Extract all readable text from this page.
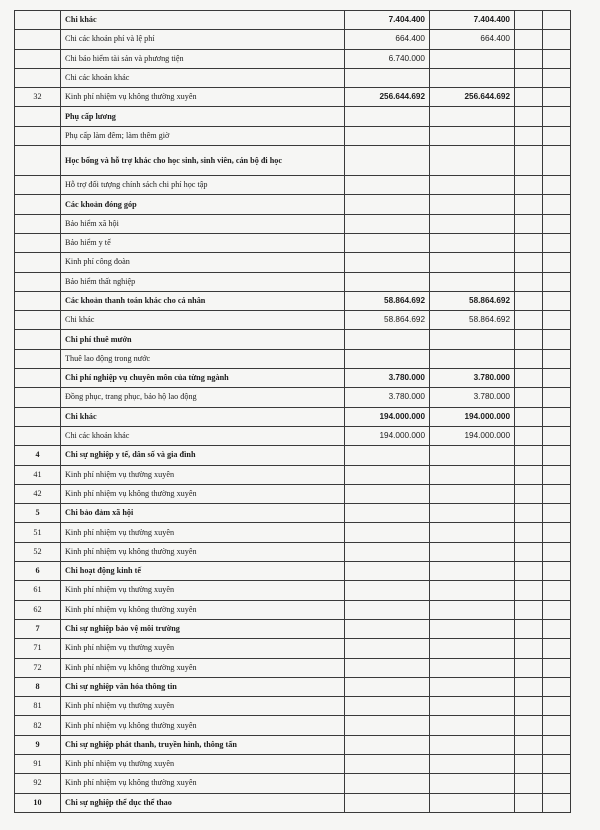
	Chi khác	7.404.400	7.404.400		
	Chi các khoản phí và lệ phí	664.400	664.400		
	Chi bảo hiểm tài sản và phương tiện	6.740.000			
	Chi các khoản khác				
32	Kinh phí nhiệm vụ không thường xuyên	256.644.692	256.644.692		
	Phụ cấp lương				
	Phụ cấp làm đêm; làm thêm giờ				
	Học bổng và hỗ trợ khác cho học sinh, sinh viên, cán bộ đi học				
	Hỗ trợ đối tượng chính sách chi phí học tập				
	Các khoản đóng góp				
	Bảo hiểm xã hội				
	Bảo hiểm y tế				
	Kinh phí công đoàn				
	Bảo hiểm thất nghiệp				
	Các khoản thanh toán khác cho cá nhân	58.864.692	58.864.692		
	Chi khác	58.864.692	58.864.692		
	Chi phí thuê mướn				
	Thuê lao động trong nước				
	Chi phí nghiệp vụ chuyên môn của từng ngành	3.780.000	3.780.000		
	Đồng phục, trang phục, bảo hộ lao động	3.780.000	3.780.000		
	Chi khác	194.000.000	194.000.000		
	Chi các khoản khác	194.000.000	194.000.000		
4	Chi sự nghiệp y tế, dân số và gia đình				
41	Kinh phí nhiệm vụ thường xuyên				
42	Kinh phí nhiệm vụ không thường xuyên				
5	Chi bảo đảm xã hội				
51	Kinh phí nhiệm vụ thường xuyên				
52	Kinh phí nhiệm vụ không thường xuyên				
6	Chi hoạt động kinh tế				
61	Kinh phí nhiệm vụ thường xuyên				
62	Kinh phí nhiệm vụ không thường xuyên				
7	Chi sự nghiệp bảo vệ môi trường				
71	Kinh phí nhiệm vụ thường xuyên				
72	Kinh phí nhiệm vụ không thường xuyên				
8	Chi sự nghiệp văn hóa thông tin				
81	Kinh phí nhiệm vụ thường xuyên				
82	Kinh phí nhiệm vụ không thường xuyên				
9	Chi sự nghiệp phát thanh, truyền hình, thông tấn				
91	Kinh phí nhiệm vụ thường xuyên				
92	Kinh phí nhiệm vụ không thường xuyên				
10	Chi sự nghiệp thể dục thể thao				
